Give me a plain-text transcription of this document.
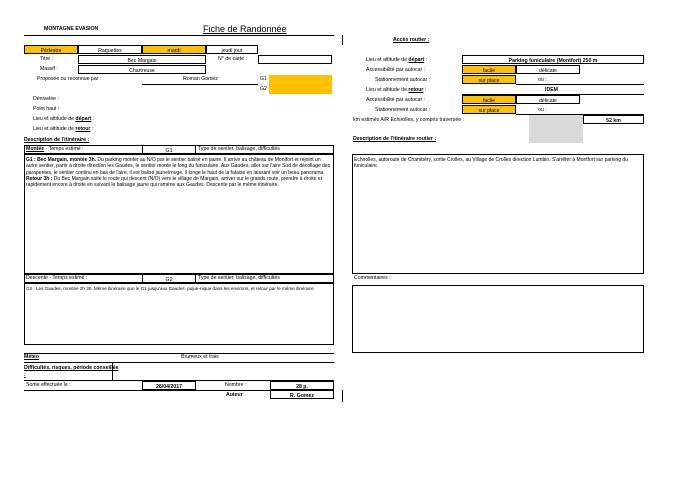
MONTAGNE EVASION	Fiche de Randonnée
Pédestre	Raquettes	mardi	jeudi jour
Titre :	Bec Margain	N° de carte :
Massif :	Chartreuse
Proposée ou reconnue par :	Roman Gomez	G1
G2
Dénivelée :
Point haut :
Lieu et altitude de départ :
Lieu et altitude de retour :
Description de l'itinéraire :
Montée - Temps estimé :	G1	Type de sentier, balisage, difficultés
G1 : Bec Margain, montée 3h. Du parking monter au N/O par le sentier balisé en jaune. Il arrive au château de Montfort et rejoint un autre sentier, partir à droite direction les Gaudes, le sentier monte le long du funiculaire. Aux Gaudes, aller sur l'aire Sud de décollage des parapentes, le sentier continu en bas de l'aire, il est balisé jaune/rouge, il longe le haut de la falaise en laissant voir un beau panorama.
Retour 3h : Du Bec Margain suite le route qui descent (N/O) vers le village de Margain, arriver sur le grands route, prendre à droite et rapidement encore à droite en suivant le balisage jaune qui ramène aux Gaudes. Descente par le même itinéraire.
Descente - Temps estimé :	G2	Type de sentier, balisage, difficultés
G2 : Les Gaudes, montée 2h 30. Même itinéraire que le G1 jusqu'aux Gaudes, pique-nique dans les environs, et retour par le même itinéraire.
Météo	Brumeux et frais
Difficultés, risques, période conseillée :
Sortie effectuée le :	26/04/2017	Nombre :	28 p.
Auteur	R. Gomez
Accès routier :
Lieu et altitude de départ :	Parking funiculaire (Montfort) 250 m
Accessibilité par autocar :	facile	délicate
Stationnement autocar :	sur place	ou :
Lieu et altitude de retour :	IDEM
Accessibilité par autocar :	facile	délicate
Stationnement autocar :	sur place	ou :
km estimés A/R Echirolles, y compris traversée :	52 km
Description de l'itinéraire routier :
Echirolles, autoroute de Chambéry, sortie Crolles, au Village de Crolles direction Lumbin. S'arrêter à Montfort sur parking du funiculaire.
Commentaires :
